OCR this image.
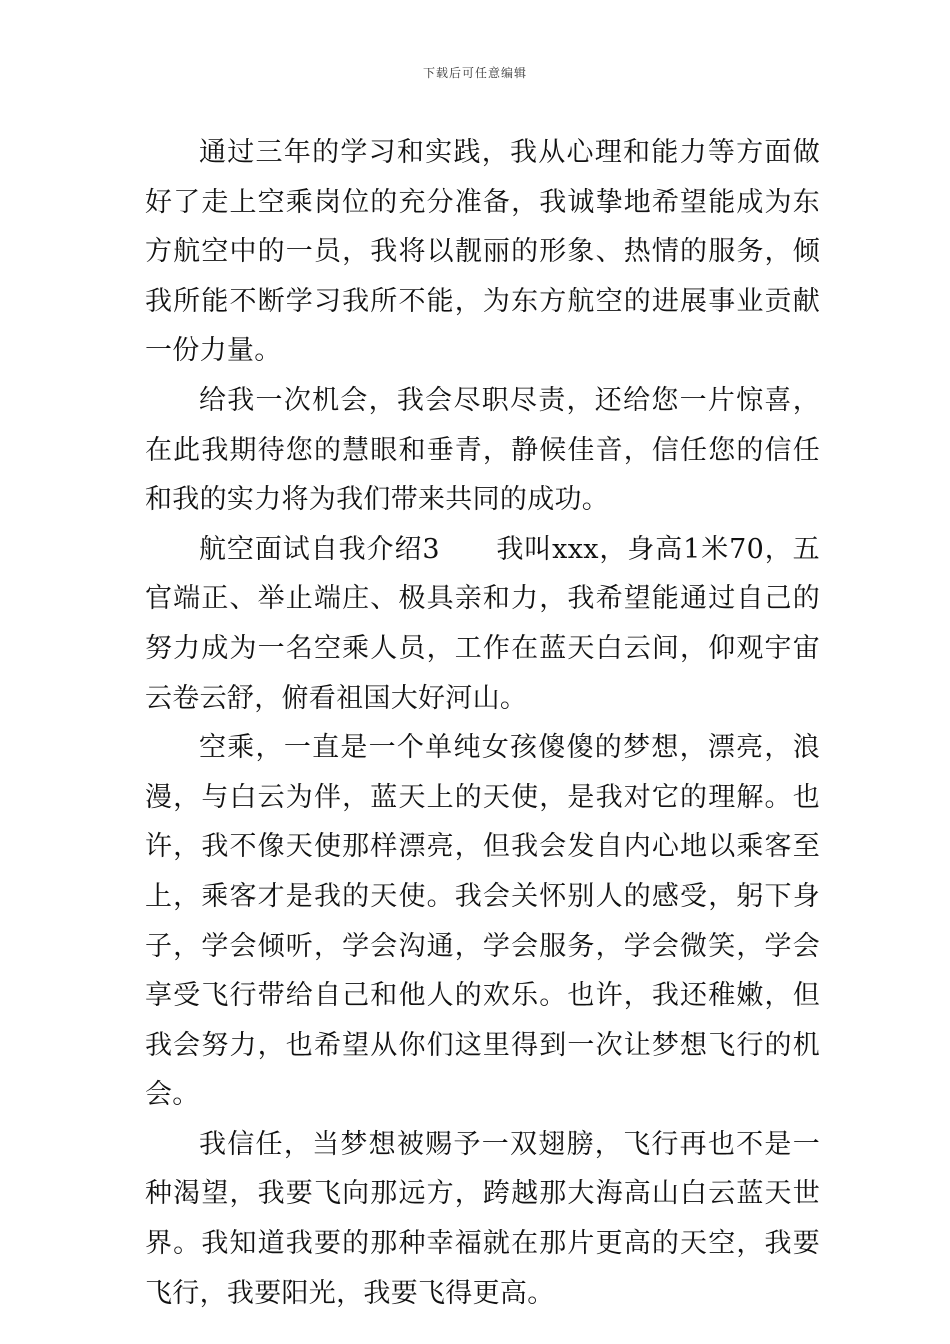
下载后可任意编辑

通过三年的学习和实践，我从心理和能力等方面做好了走上空乘岗位的充分准备，我诚挚地希望能成为东方航空中的一员，我将以靓丽的形象、热情的服务，倾我所能不断学习我所不能，为东方航空的进展事业贡献一份力量。

给我一次机会，我会尽职尽责，还给您一片惊喜，在此我期待您的慧眼和垂青，静候佳音，信任您的信任和我的实力将为我们带来共同的成功。

航空面试自我介绍3　　我叫xxx，身高1米70，五官端正、举止端庄、极具亲和力，我希望能通过自己的努力成为一名空乘人员，工作在蓝天白云间，仰观宇宙云卷云舒，俯看祖国大好河山。

空乘，一直是一个单纯女孩傻傻的梦想，漂亮，浪漫，与白云为伴，蓝天上的天使，是我对它的理解。也许，我不像天使那样漂亮，但我会发自内心地以乘客至上，乘客才是我的天使。我会关怀别人的感受，躬下身子，学会倾听，学会沟通，学会服务，学会微笑，学会享受飞行带给自己和他人的欢乐。也许，我还稚嫩，但我会努力，也希望从你们这里得到一次让梦想飞行的机会。

我信任，当梦想被赐予一双翅膀，飞行再也不是一种渴望，我要飞向那远方，跨越那大海高山白云蓝天世界。我知道我要的那种幸福就在那片更高的天空，我要飞行，我要阳光，我要飞得更高。
